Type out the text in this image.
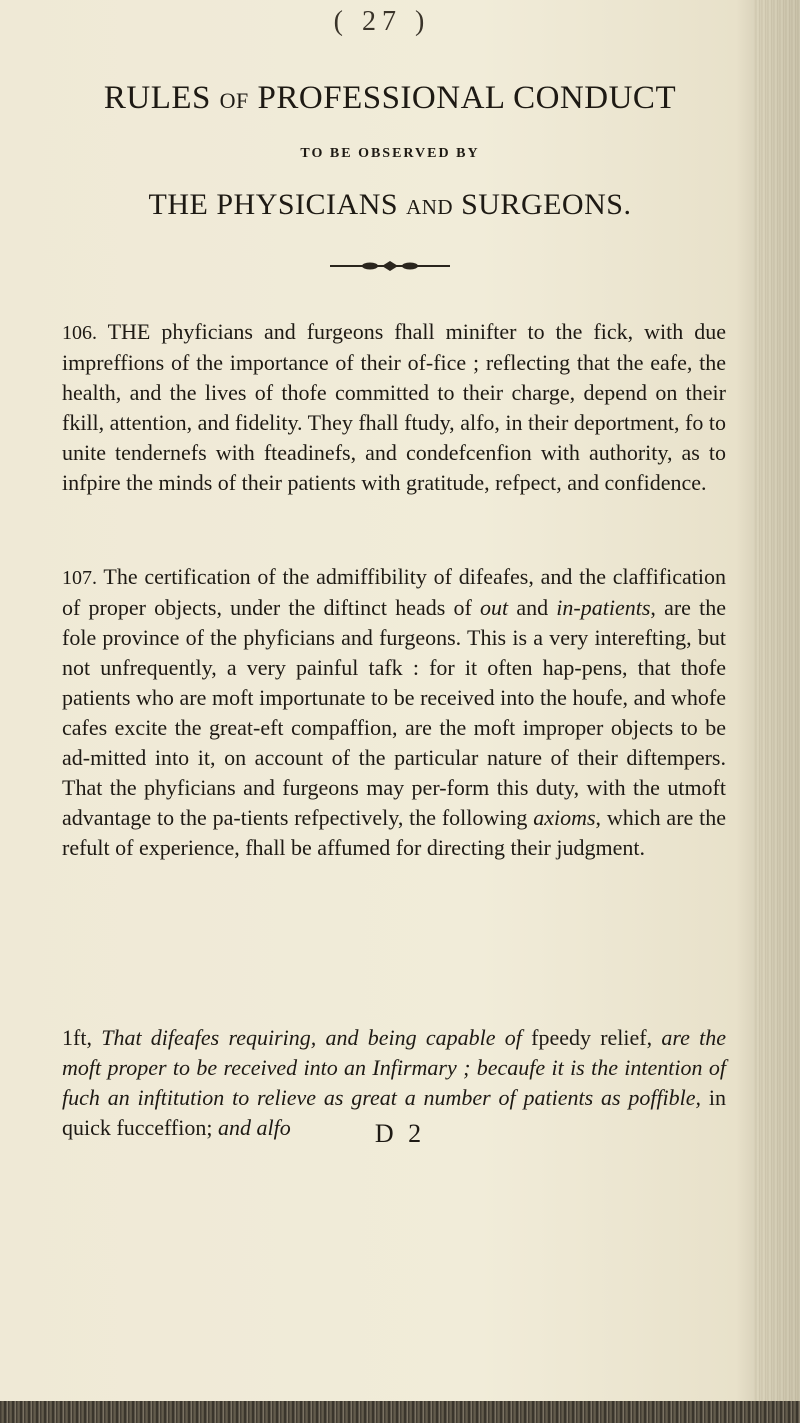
( 27 )
RULES OF PROFESSIONAL CONDUCT
TO BE OBSERVED BY
THE PHYSICIANS AND SURGEONS.
106. THE phyficians and furgeons fhall minifter to the fick, with due impreffions of the importance of their of-fice ; reflecting that the eafe, the health, and the lives of thofe committed to their charge, depend on their fkill, attention, and fidelity. They fhall ftudy, alfo, in their deportment, fo to unite tendernefs with fteadinefs, and condefcenfion with authority, as to infpire the minds of their patients with gratitude, refpect, and confidence.
107. The certification of the admiffibility of difeafes, and the claffification of proper objects, under the diftinct heads of out and in-patients, are the fole province of the phyficians and furgeons. This is a very interefting, but not unfrequently, a very painful tafk : for it often hap-pens, that thofe patients who are moft importunate to be received into the houfe, and whofe cafes excite the great-eft compaffion, are the moft improper objects to be ad-mitted into it, on account of the particular nature of their diftempers. That the phyficians and furgeons may per-form this duty, with the utmoft advantage to the pa-tients refpectively, the following axioms, which are the refult of experience, fhall be affumed for directing their judgment.
1ft, That difeafes requiring, and being capable of fpeedy relief, are the moft proper to be received into an Infirmary ; becaufe it is the intention of fuch an inftitution to relieve as great a number of patients as poffible, in quick fucceffion; and alfo	D 2
